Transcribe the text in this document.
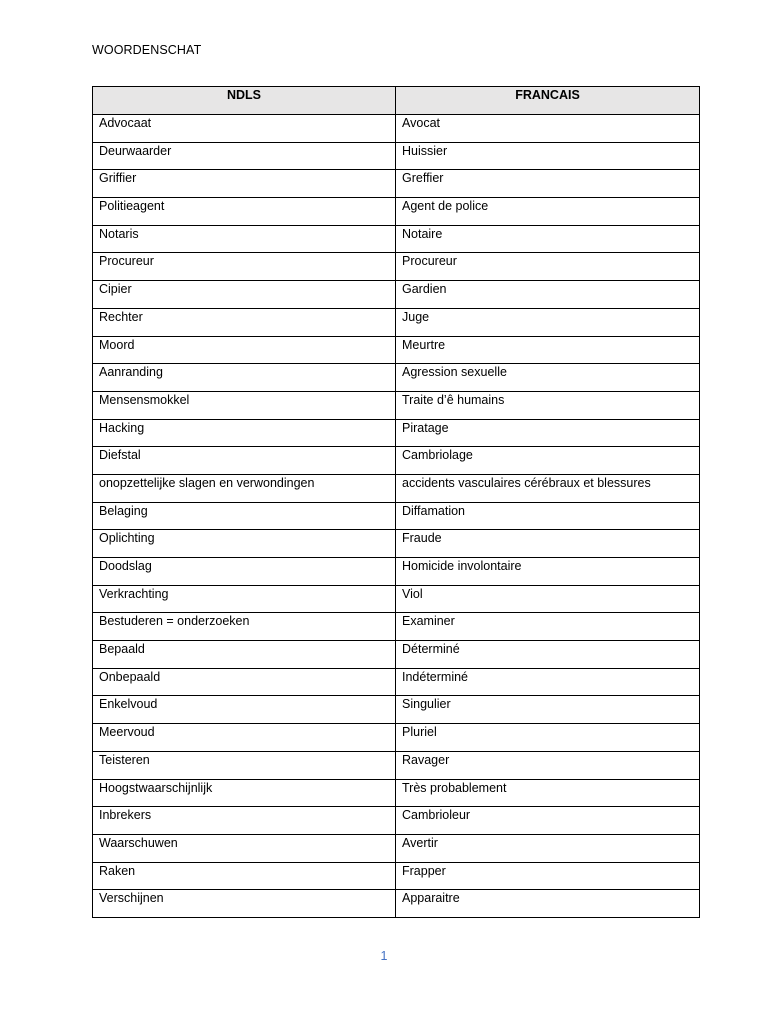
WOORDENSCHAT
NDLS	FRANCAIS
Advocaat	Avocat
Deurwaarder	Huissier
Griffier	Greffier
Politieagent	Agent de police
Notaris	Notaire
Procureur	Procureur
Cipier	Gardien
Rechter	Juge
Moord	Meurtre
Aanranding	Agression sexuelle
Mensensmokkel	Traite d’ê humains
Hacking	Piratage
Diefstal	Cambriolage
onopzettelijke slagen en verwondingen	accidents vasculaires cérébraux et blessures
Belaging	Diffamation
Oplichting	Fraude
Doodslag	Homicide involontaire
Verkrachting	Viol
Bestuderen = onderzoeken	Examiner
Bepaald	Déterminé
Onbepaald	Indéterminé
Enkelvoud	Singulier
Meervoud	Pluriel
Teisteren	Ravager
Hoogstwaarschijnlijk	Très probablement
Inbrekers	Cambrioleur
Waarschuwen	Avertir
Raken	Frapper
Verschijnen	Apparaitre
1
